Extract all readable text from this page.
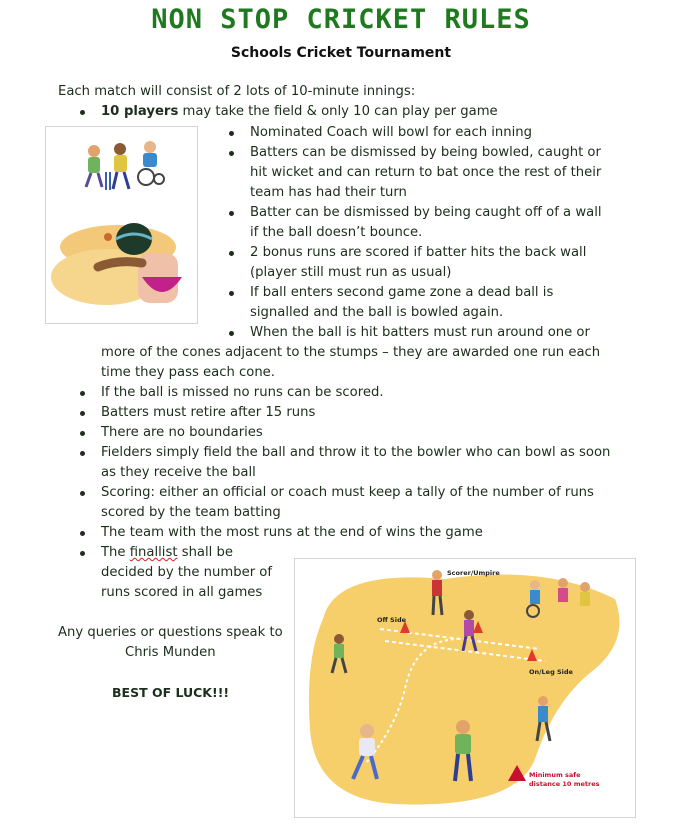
NON STOP CRICKET RULES
Schools Cricket Tournament
Each match will consist of 2 lots of 10-minute innings:
10 players may take the field & only 10 can play per game
Nominated Coach will bowl for each inning
Batters can be dismissed by being bowled, caught or
hit wicket and can return to bat once the rest of their
team has had their turn
Batter can be dismissed by being caught off of a wall
if the ball doesn’t bounce.
2 bonus runs are scored if batter hits the back wall
(player still must run as usual)
If ball enters second game zone a dead ball is
signalled and the ball is bowled again.
When the ball is hit batters must run around one or
more of the cones adjacent to the stumps – they are awarded one run each
time they pass each cone.
If the ball is missed no runs can be scored.
Batters must retire after 15 runs
There are no boundaries
Fielders simply field the ball and throw it to the bowler who can bowl as soon
as they receive the ball
Scoring: either an official or coach must keep a tally of the number of runs
scored by the team batting
The team with the most runs at the end of wins the game
The finallist shall be
decided by the number of
runs scored in all games
Any queries or questions speak to
Chris Munden
BEST OF LUCK!!!
Scorer/Umpire
Off Side
On/Leg Side
Minimum safe
distance 10 metres
